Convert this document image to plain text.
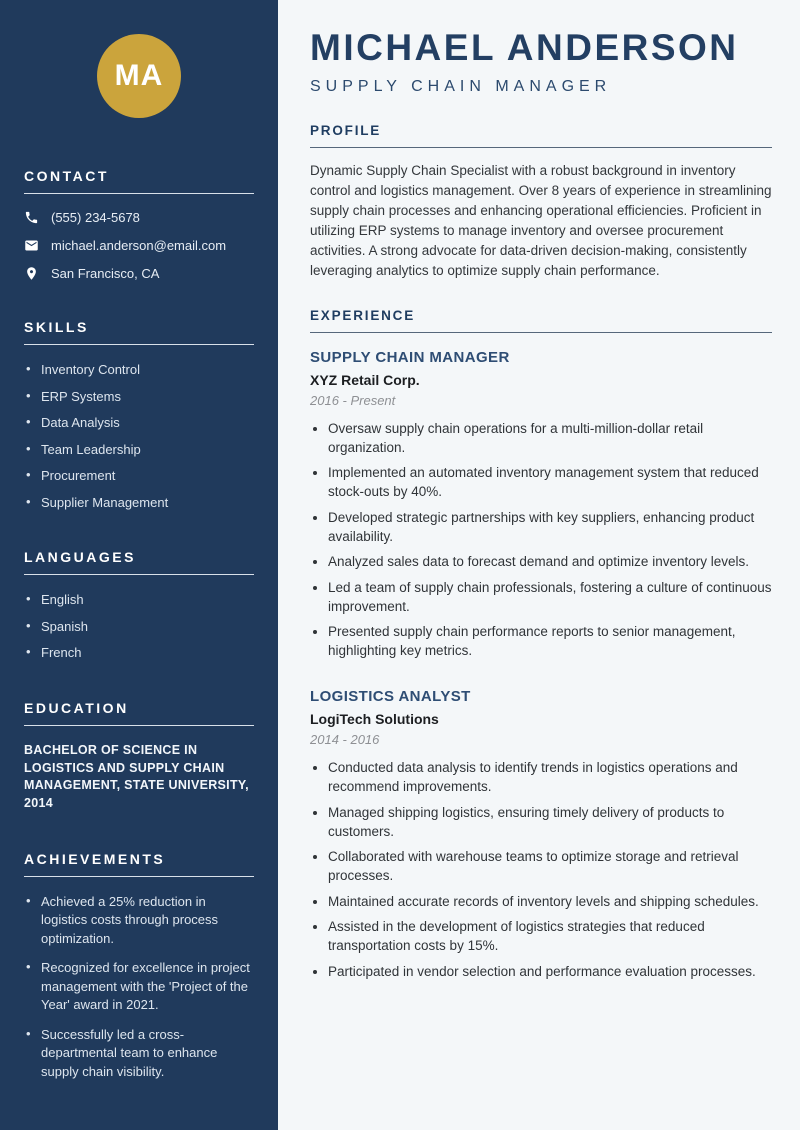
MA
CONTACT
(555) 234-5678
michael.anderson@email.com
San Francisco, CA
SKILLS
• Inventory Control
• ERP Systems
• Data Analysis
• Team Leadership
• Procurement
• Supplier Management
LANGUAGES
• English
• Spanish
• French
EDUCATION

BACHELOR OF SCIENCE IN LOGISTICS AND SUPPLY CHAIN MANAGEMENT, STATE UNIVERSITY, 2014

ACHIEVEMENTS
• Achieved a 25% reduction in logistics costs through process optimization.
• Recognized for excellence in project management with the 'Project of the Year' award in 2021.
• Successfully led a cross-departmental team to enhance supply chain visibility.
MICHAEL ANDERSON

SUPPLY CHAIN MANAGER

PROFILE

Dynamic Supply Chain Specialist with a robust background in inventory control and logistics management. Over 8 years of experience in streamlining supply chain processes and enhancing operational efficiencies. Proficient in utilizing ERP systems to manage inventory and oversee procurement activities. A strong advocate for data-driven decision-making, consistently leveraging analytics to optimize supply chain performance.

EXPERIENCE
SUPPLY CHAIN MANAGER

XYZ Retail Corp.

2016 - Present

• Oversaw supply chain operations for a multi-million-dollar retail organization.
• Implemented an automated inventory management system that reduced stock-outs by 40%.
• Developed strategic partnerships with key suppliers, enhancing product availability.
• Analyzed sales data to forecast demand and optimize inventory levels.
• Led a team of supply chain professionals, fostering a culture of continuous improvement.
• Presented supply chain performance reports to senior management, highlighting key metrics.
LOGISTICS ANALYST

LogiTech Solutions

2014 - 2016

• Conducted data analysis to identify trends in logistics operations and recommend improvements.
• Managed shipping logistics, ensuring timely delivery of products to customers.
• Collaborated with warehouse teams to optimize storage and retrieval processes.
• Maintained accurate records of inventory levels and shipping schedules.
• Assisted in the development of logistics strategies that reduced transportation costs by 15%.
• Participated in vendor selection and performance evaluation processes.
